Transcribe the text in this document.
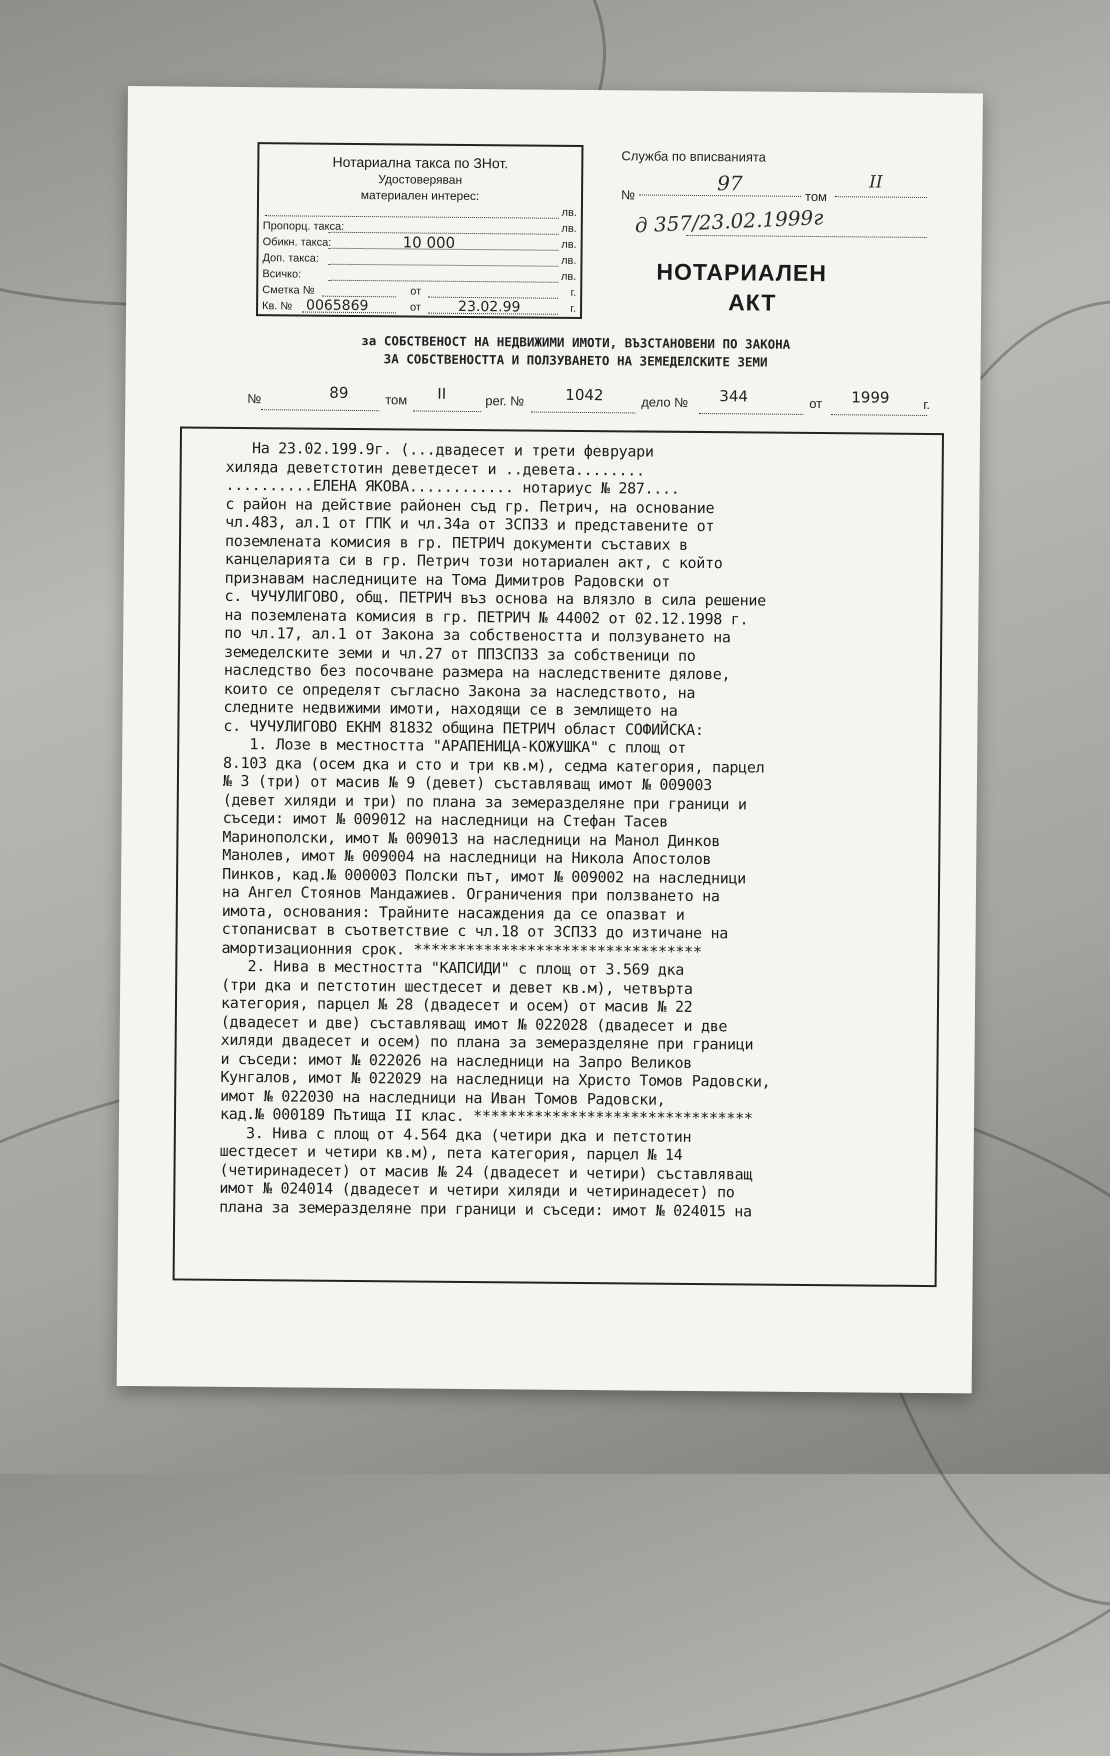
Нотариална такса по ЗНот.
Удостоверяван
материален интерес:
лв.
Пропорц. такса:	лв.
Обикн. такса:	10 000	лв.
Доп. такса:	лв.
Всичко:	лв.
Сметка №	от	г.
Кв. № 0065869	от	23.02.99	г.
Служба по вписванията
№	97
том
II
д 357/23.02.1999г
НОТАРИАЛЕН
АКТ
за СОБСТВЕНОСТ НА НЕДВИЖИМИ ИМОТИ, ВЪЗСТАНОВЕНИ ПО ЗАКОНА
ЗА СОБСТВЕНОСТТА И ПОЛЗУВАНЕТО НА ЗЕМЕДЕЛСКИТЕ ЗЕМИ
№	89	том II	рег. №	1042	дело № 344	от 1999	г.
На 23.02.199.9г. (...двадесет и трети февруари
хиляда деветстотин деветдесет и ..девета........
..........ЕЛЕНА ЯКОВА............ нотариус № 287....
с район на действие районен съд гр. Петрич, на основание
чл.483, ал.1 от ГПК и чл.34а от ЗСПЗЗ и представените от
поземлената комисия в гр. ПЕТРИЧ документи съставих в
канцеларията си в гр. Петрич този нотариален акт, с който
признавам наследниците на Тома Димитров Радовски от
с. ЧУЧУЛИГОВО, общ. ПЕТРИЧ въз основа на влязло в сила решение
на поземлената комисия в гр. ПЕТРИЧ № 44002 от 02.12.1998 г.
по чл.17, ал.1 от Закона за собствеността и ползуването на
земеделските земи и чл.27 от ППЗСПЗЗ за собственици по
наследство без посочване размера на наследствените дялове,
които се определят съгласно Закона за наследството, на
следните недвижими имоти, находящи се в землището на
с. ЧУЧУЛИГОВО ЕКНМ 81832 община ПЕТРИЧ област СОФИЙСКА:
1. Лозе в местността "АРАПЕНИЦА-КОЖУШКА" с площ от
8.103 дка (осем дка и сто и три кв.м), седма категория, парцел
№ 3 (три) от масив № 9 (девет) съставляващ имот № 009003
(девет хиляди и три) по плана за земеразделяне при граници и
съседи: имот № 009012 на наследници на Стефан Тасев
Маринополски, имот № 009013 на наследници на Манол Динков
Манолев, имот № 009004 на наследници на Никола Апостолов
Пинков, кад.№ 000003 Полски път, имот № 009002 на наследници
на Ангел Стоянов Мандажиев. Ограничения при ползването на
имота, основания: Трайните насаждения да се опазват и
стопанисват в съответствие с чл.18 от ЗСПЗЗ до изтичане на
амортизационния срок. *********************************
2. Нива в местността "КАПСИДИ" с площ от 3.569 дка
(три дка и петстотин шестдесет и девет кв.м), четвърта
категория, парцел № 28 (двадесет и осем) от масив № 22
(двадесет и две) съставляващ имот № 022028 (двадесет и две
хиляди двадесет и осем) по плана за земеразделяне при граници
и съседи: имот № 022026 на наследници на Запро Великов
Кунгалов, имот № 022029 на наследници на Христо Томов Радовски,
имот № 022030 на наследници на Иван Томов Радовски,
кад.№ 000189 Пътища II клас. ********************************
3. Нива с площ от 4.564 дка (четири дка и петстотин
шестдесет и четири кв.м), пета категория, парцел № 14
(четиринадесет) от масив № 24 (двадесет и четири) съставляващ
имот № 024014 (двадесет и четири хиляди и четиринадесет) по
плана за земеразделяне при граници и съседи: имот № 024015 на
